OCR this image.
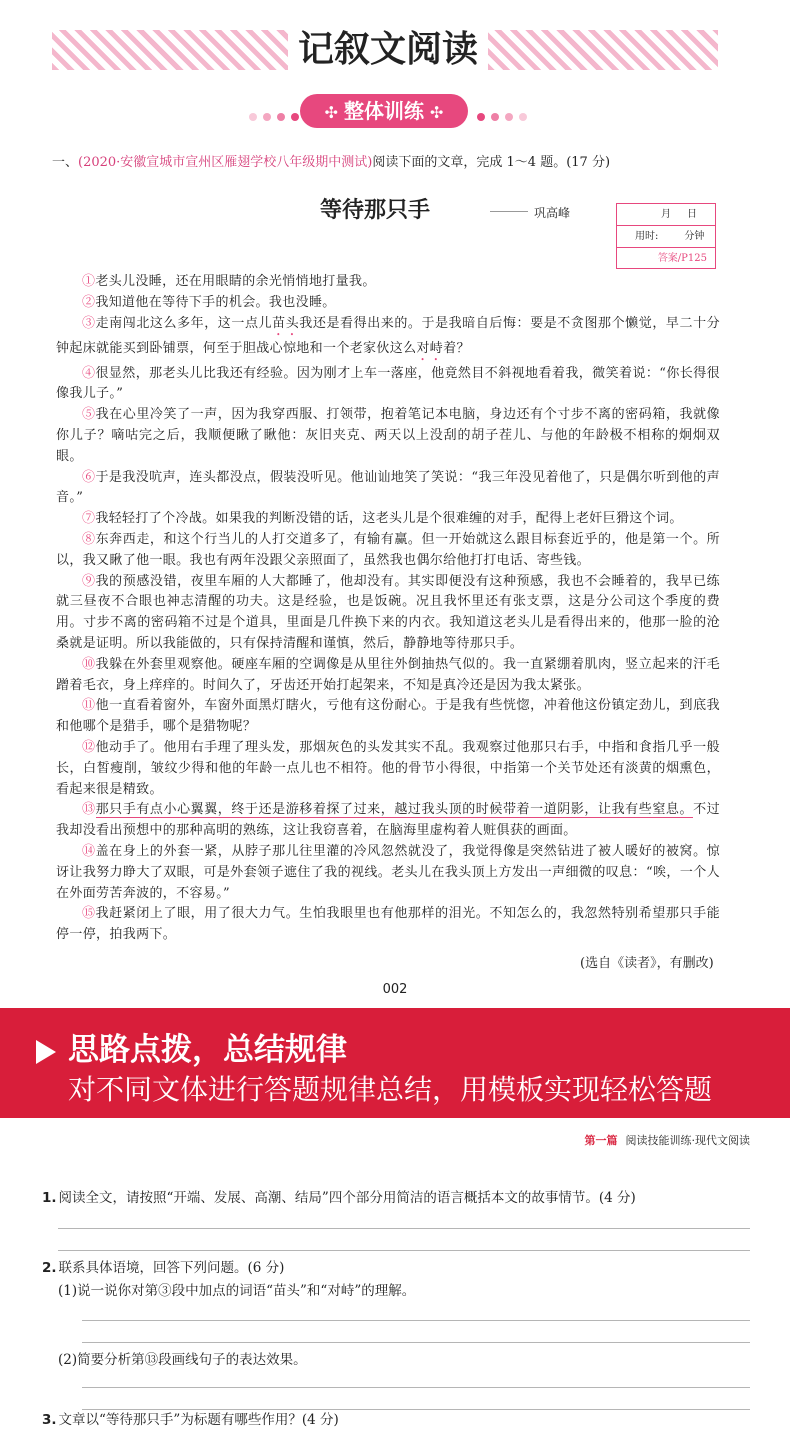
记叙文阅读
✣ 整体训练 ✣
一、(2020·安徽宣城市宣州区雁翅学校八年级期中测试)阅读下面的文章，完成 1～4 题。(17 分)
等待那只手	巩高峰	月 日
用时:	分钟
答案/P125

①老头儿没睡，还在用眼睛的余光悄悄地打量我。

②我知道他在等待下手的机会。我也没睡。

③走南闯北这么多年，这一点儿苗头我还是看得出来的。于是我暗自后悔：要是不贪图那个懒觉，早二十分钟起床就能买到卧铺票，何至于胆战心惊地和一个老家伙这么对峙着？

④很显然，那老头儿比我还有经验。因为刚才上车一落座，他竟然目不斜视地看着我，微笑着说：“你长得很像我儿子。”

⑤我在心里冷笑了一声，因为我穿西服、打领带，抱着笔记本电脑，身边还有个寸步不离的密码箱，我就像你儿子？嘀咕完之后，我顺便瞅了瞅他：灰旧夹克、两天以上没刮的胡子茬儿、与他的年龄极不相称的炯炯双眼。

⑥于是我没吭声，连头都没点，假装没听见。他讪讪地笑了笑说：“我三年没见着他了，只是偶尔听到他的声音。”

⑦我轻轻打了个冷战。如果我的判断没错的话，这老头儿是个很难缠的对手，配得上老奸巨猾这个词。

⑧东奔西走，和这个行当儿的人打交道多了，有输有赢。但一开始就这么跟目标套近乎的，他是第一个。所以，我又瞅了他一眼。我也有两年没跟父亲照面了，虽然我也偶尔给他打打电话、寄些钱。

⑨我的预感没错，夜里车厢的人大都睡了，他却没有。其实即便没有这种预感，我也不会睡着的，我早已练就三昼夜不合眼也神志清醒的功夫。这是经验，也是饭碗。况且我怀里还有张支票，这是分公司这个季度的费用。寸步不离的密码箱不过是个道具，里面是几件换下来的内衣。我知道这老头儿是看得出来的，他那一脸的沧桑就是证明。所以我能做的，只有保持清醒和谨慎，然后，静静地等待那只手。

⑩我躲在外套里观察他。硬座车厢的空调像是从里往外倒抽热气似的。我一直紧绷着肌肉，竖立起来的汗毛蹭着毛衣，身上痒痒的。时间久了，牙齿还开始打起架来，不知是真冷还是因为我太紧张。

⑪他一直看着窗外，车窗外面黑灯瞎火，亏他有这份耐心。于是我有些恍惚，冲着他这份镇定劲儿，到底我和他哪个是猎手，哪个是猎物呢？

⑫他动手了。他用右手理了理头发，那烟灰色的头发其实不乱。我观察过他那只右手，中指和食指几乎一般长，白皙瘦削，皱纹少得和他的年龄一点儿也不相符。他的骨节小得很，中指第一个关节处还有淡黄的烟熏色，看起来很是精致。

⑬那只手有点小心翼翼，终于还是游移着探了过来，越过我头顶的时候带着一道阴影，让我有些窒息。不过我却没看出预想中的那种高明的熟练，这让我窃喜着，在脑海里虚构着人赃俱获的画面。

⑭盖在身上的外套一紧，从脖子那儿往里灌的冷风忽然就没了，我觉得像是突然钻进了被人暖好的被窝。惊讶让我努力睁大了双眼，可是外套领子遮住了我的视线。老头儿在我头顶上方发出一声细微的叹息：“唉，一个人在外面劳苦奔波的，不容易。”

⑮我赶紧闭上了眼，用了很大力气。生怕我眼里也有他那样的泪光。不知怎么的，我忽然特别希望那只手能停一停，拍我两下。

(选自《读者》，有删改)
002
思路点拨，总结规律
对不同文体进行答题规律总结，用模板实现轻松答题
第一篇 阅读技能训练·现代文阅读
1. 阅读全文，请按照“开端、发展、高潮、结局”四个部分用简洁的语言概括本文的故事情节。(4 分)
2. 联系具体语境，回答下列问题。(6 分)
(1)说一说你对第③段中加点的词语“苗头”和“对峙”的理解。
(2)简要分析第⑬段画线句子的表达效果。
3. 文章以“等待那只手”为标题有哪些作用？(4 分)
